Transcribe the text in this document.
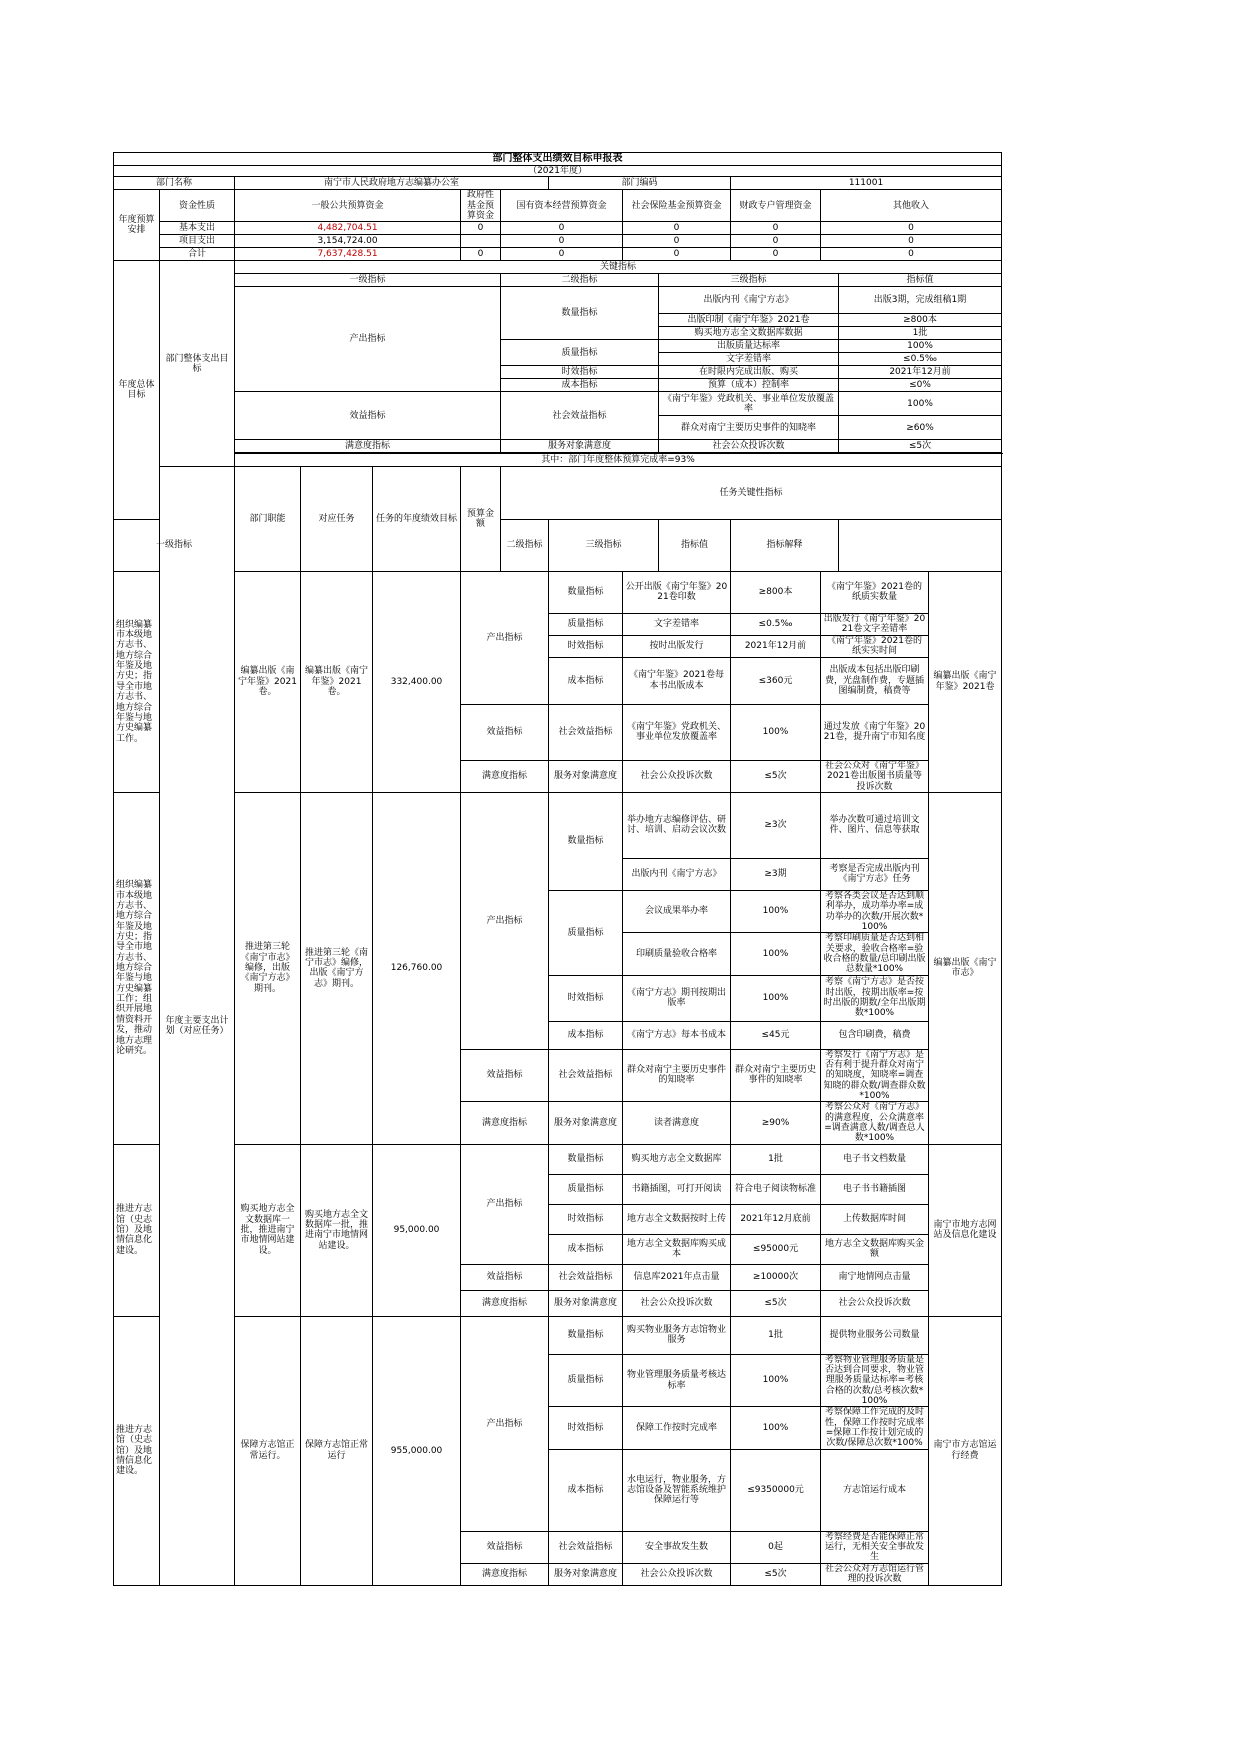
部门整体支出绩效目标申报表														
（2021年度）														
部门名称		南宁市人民政府地方志编纂办公室					部门编码			111001				
年度预算安排	资金性质	一般公共预算资金			政府性基金预算资金	国有资本经营预算资金		社会保险基金预算资金		财政专户管理资金	其他收入			
	基本支出	4,482,704.51			0	0		0		0	0			
	项目支出	3,154,724.00				0		0		0	0			
	合计	7,637,428.51			0	0		0		0	0			
年度总体目标	部门整体支出目标	关键指标												
		一级指标				二级指标			三级指标			指标值		
		产出指标				数量指标			出版内刊《南宁方志》			出版3期，完成组稿1期		
									出版印制《南宁年鉴》2021卷			≥800本		
									购买地方志全文数据库数据			1批		
						质量指标			出版质量达标率			100%		
									文字差错率			≤0.5‰		
						时效指标			在时限内完成出版、购买			2021年12月前		
						成本指标			预算（成本）控制率			≤0%		
		效益指标				社会效益指标			《南宁年鉴》党政机关、事业单位发放覆盖率			100%		
									群众对南宁主要历史事件的知晓率			≥60%		
		满意度指标				服务对象满意度			社会公众投诉次数			≤5次		

		其中：部门年度整体预算完成率=93%												
	年度主要支出计划（对应任务）	部门职能	对应任务	任务的年度绩效目标	预算金额	任务关键性指标	
一级指标						二级指标	三级指标		指标值	指标解释				
组织编纂市本级地方志书、地方综合年鉴及地方史；指导全市地方志书、地方综合年鉴与地方史编纂工作。		编纂出版《南宁年鉴》2021卷。	编纂出版《南宁年鉴》2021卷。	332,400.00	产出指标		数量指标	公开出版《南宁年鉴》2021卷印数		≥800本	《南宁年鉴》2021卷的纸质实数量		编纂出版《南宁年鉴》2021卷	
							质量指标	文字差错率		≤0.5‰	出版发行《南宁年鉴》2021卷文字差错率			
							时效指标	按时出版发行		2021年12月前	《南宁年鉴》2021卷的纸实实时间			
							成本指标	《南宁年鉴》2021卷每本书出版成本		≤360元	出版成本包括出版印刷费，光盘制作费，专题插图编制费，稿费等			
					效益指标		社会效益指标	《南宁年鉴》党政机关、事业单位发放覆盖率		100%	通过发放《南宁年鉴》2021卷，提升南宁市知名度			
					满意度指标		服务对象满意度	社会公众投诉次数		≤5次	社会公众对《南宁年鉴》2021卷出版图书质量等投诉次数			
组织编纂市本级地方志书、地方综合年鉴及地方史；指导全市地方志书、地方综合年鉴与地方史编纂工作；组织开展地情资料开发，推动地方志理论研究。		推进第三轮《南宁市志》编修，出版《南宁方志》期刊。	推进第三轮《南宁市志》编修，出版《南宁方志》期刊。	126,760.00	产出指标		数量指标	举办地方志编修评估、研讨、培训、启动会议次数		≥3次	举办次数可通过培训文件、图片、信息等获取		编纂出版《南宁市志》	
								出版内刊《南宁方志》		≥3期	考察是否完成出版内刊《南宁方志》任务			
							质量指标	会议成果举办率		100%	考察各类会议是否达到顺利举办，成功举办率=成功举办的次数/开展次数*100%			
								印刷质量验收合格率		100%	考察印刷质量是否达到相关要求，验收合格率=验收合格的数量/总印刷出版总数量*100%			
							时效指标	《南宁方志》期刊按期出版率		100%	考察《南宁方志》是否按时出版，按期出版率=按时出版的期数/全年出版期数*100%			
							成本指标	《南宁方志》每本书成本		≤45元	包含印刷费，稿费			
					效益指标		社会效益指标	群众对南宁主要历史事件的知晓率		群众对南宁主要历史事件的知晓率	考察发行《南宁方志》是否有利于提升群众对南宁的知晓度，知晓率=调查知晓的群众数/调查群众数*100%			
					满意度指标		服务对象满意度	读者满意度		≥90%	考察公众对《南宁方志》的满意程度，公众满意率=调查满意人数/调查总人数*100%			
推进方志馆（史志馆）及地情信息化建设。		购买地方志全文数据库一批，推进南宁市地情网站建设。	购买地方志全文数据库一批，推进南宁市地情网站建设。	95,000.00	产出指标		数量指标	购买地方志全文数据库		1批	电子书文档数量		南宁市地方志网站及信息化建设	
							质量指标	书籍插图，可打开阅读		符合电子阅读物标准	电子书书籍插图			
							时效指标	地方志全文数据按时上传		2021年12月底前	上传数据库时间			
							成本指标	地方志全文数据库购买成本		≤95000元	地方志全文数据库购买金额			
					效益指标		社会效益指标	信息库2021年点击量		≥10000次	南宁地情网点击量			
					满意度指标		服务对象满意度	社会公众投诉次数		≤5次	社会公众投诉次数			
推进方志馆（史志馆）及地情信息化建设。		保障方志馆正常运行。	保障方志馆正常运行	955,000.00	产出指标		数量指标	购买物业服务方志馆物业服务		1批	提供物业服务公司数量		南宁市方志馆运行经费	
							质量指标	物业管理服务质量考核达标率		100%	考察物业管理服务质量是否达到合同要求，物业管理服务质量达标率=考核合格的次数/总考核次数*100%			
							时效指标	保障工作按时完成率		100%	考察保障工作完成的及时性，保障工作按时完成率=保障工作按计划完成的次数/保障总次数*100%			
							成本指标	水电运行，物业服务，方志馆设备及智能系统维护保障运行等		≤9350000元	方志馆运行成本			
					效益指标		社会效益指标	安全事故发生数		0起	考察经费是否能保障正常运行，无相关安全事故发生			
					满意度指标		服务对象满意度	社会公众投诉次数		≤5次	社会公众对方志馆运行管理的投诉次数			
